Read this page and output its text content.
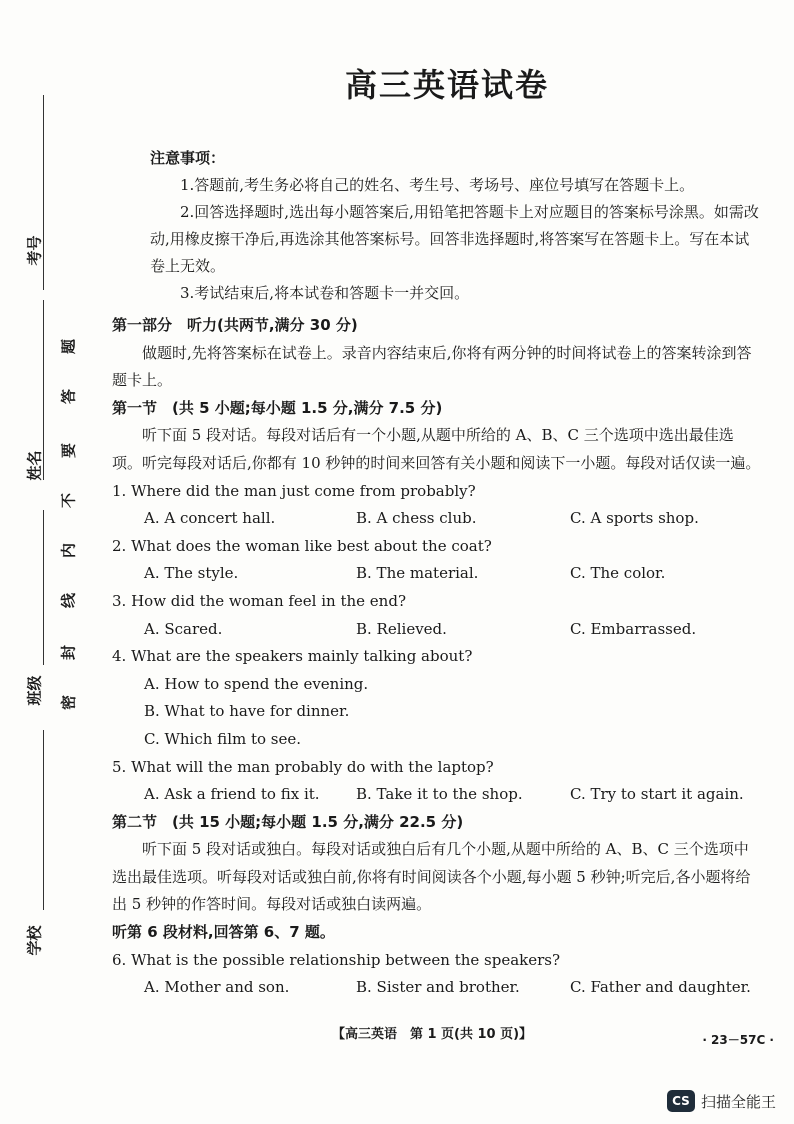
考号
姓名
班级
学校
题
答
要
不
内
线
封
密
高三英语试卷
注意事项：
1.答题前,考生务必将自己的姓名、考生号、考场号、座位号填写在答题卡上。
2.回答选择题时,选出每小题答案后,用铅笔把答题卡上对应题目的答案标号涂黑。如需改动,用橡皮擦干净后,再选涂其他答案标号。回答非选择题时,将答案写在答题卡上。写在本试卷上无效。
3.考试结束后,将本试卷和答题卡一并交回。
第一部分　听力(共两节,满分 30 分)
做题时,先将答案标在试卷上。录音内容结束后,你将有两分钟的时间将试卷上的答案转涂到答题卡上。
第一节　(共 5 小题;每小题 1.5 分,满分 7.5 分)
听下面 5 段对话。每段对话后有一个小题,从题中所给的 A、B、C 三个选项中选出最佳选项。听完每段对话后,你都有 10 秒钟的时间来回答有关小题和阅读下一小题。每段对话仅读一遍。
1. Where did the man just come from probably?
A. A concert hall.	B. A chess club.	C. A sports shop.
2. What does the woman like best about the coat?
A. The style.	B. The material.	C. The color.
3. How did the woman feel in the end?
A. Scared.	B. Relieved.	C. Embarrassed.
4. What are the speakers mainly talking about?
A. How to spend the evening.
B. What to have for dinner.
C. Which film to see.
5. What will the man probably do with the laptop?
A. Ask a friend to fix it.	B. Take it to the shop.	C. Try to start it again.
第二节　(共 15 小题;每小题 1.5 分,满分 22.5 分)
听下面 5 段对话或独白。每段对话或独白后有几个小题,从题中所给的 A、B、C 三个选项中选出最佳选项。听每段对话或独白前,你将有时间阅读各个小题,每小题 5 秒钟;听完后,各小题将给出 5 秒钟的作答时间。每段对话或独白读两遍。
听第 6 段材料,回答第 6、7 题。
6. What is the possible relationship between the speakers?
A. Mother and son.	B. Sister and brother.	C. Father and daughter.
【高三英语　第 1 页(共 10 页)】	· 23－57C ·
CS 扫描全能王
